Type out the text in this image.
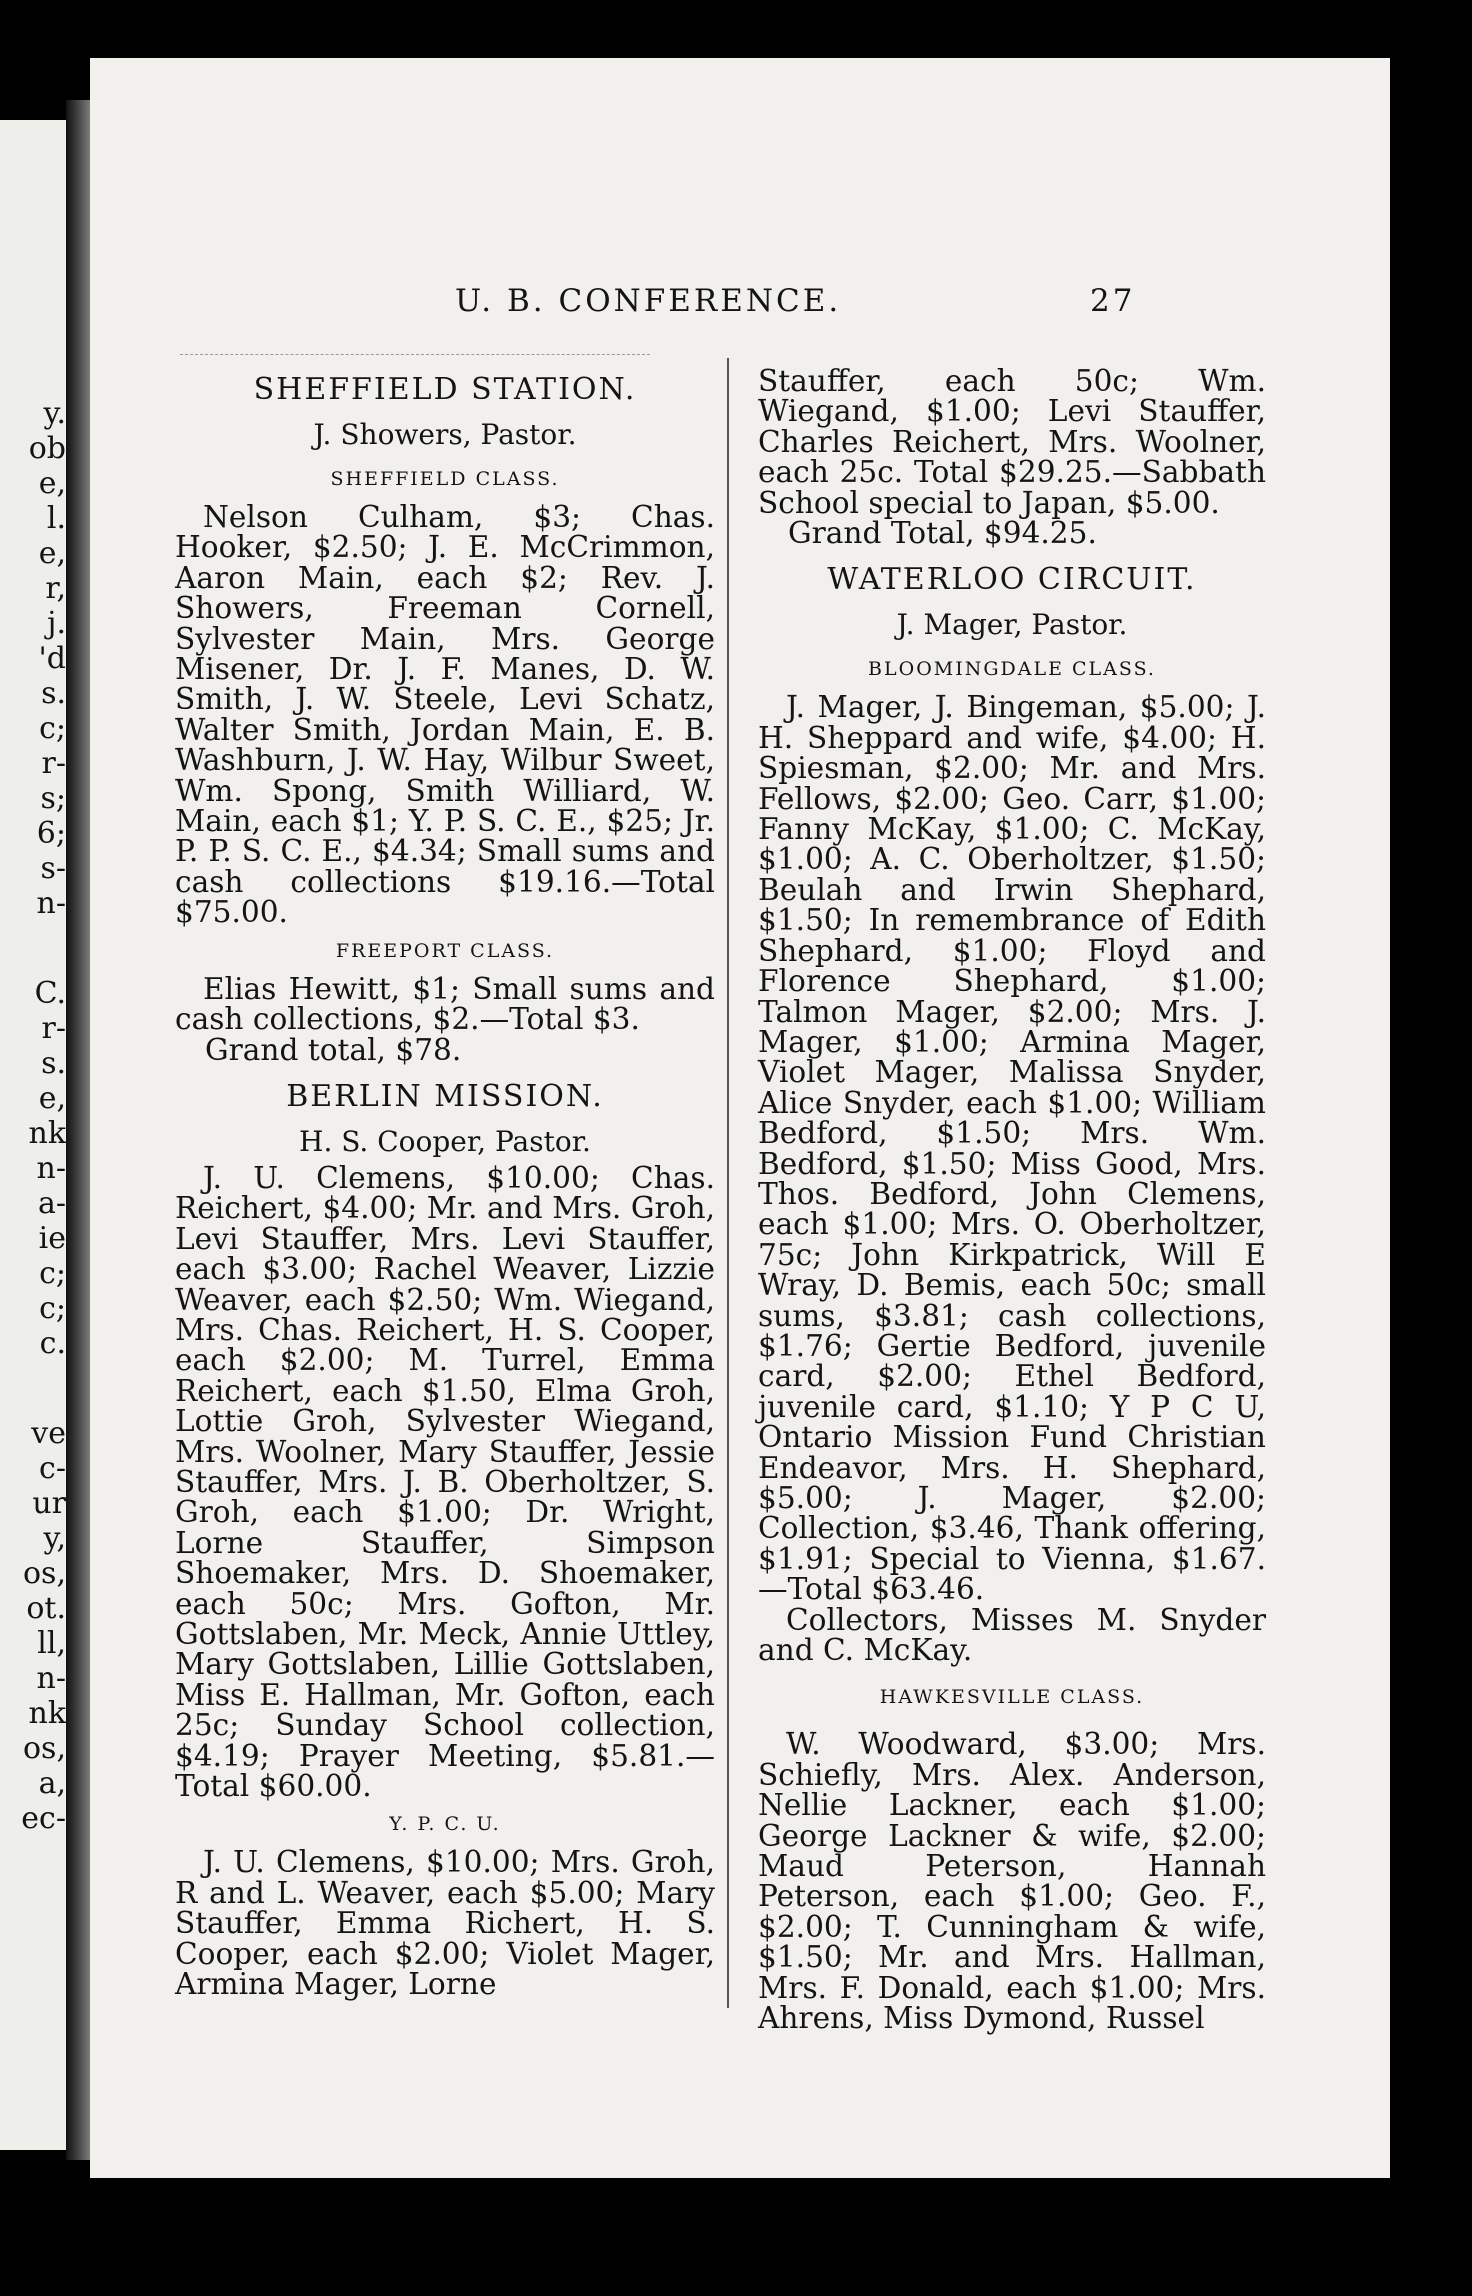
y.
ob
e,
l.
e,
r,
j.
'd
s.
c;
r-
s;
6;
s-
n-
C.
r-
s.
e,
nk
n-
a-
ie
c;
c;
c.
ve
c-
ur
y,
os,
ot.
ll,
n-
nk
os,
a,
ec-
U. B. CONFERENCE.	27
SHEFFIELD STATION.
J. Showers, Pastor.
SHEFFIELD CLASS.

Nelson Culham, $3; Chas. Hooker, $2.50; J. E. McCrimmon, Aaron Main, each $2; Rev. J. Showers, Freeman Cornell, Sylvester Main, Mrs. George Misener, Dr. J. F. Manes, D. W. Smith, J. W. Steele, Levi Schatz, Walter Smith, Jordan Main, E. B. Washburn, J. W. Hay, Wilbur Sweet, Wm. Spong, Smith Williard, W. Main, each $1; Y. P. S. C. E., $25; Jr. P. P. S. C. E., $4.34; Small sums and cash collections $19.16.—Total $75.00.

FREEPORT CLASS.

Elias Hewitt, $1; Small sums and cash collections, $2.—Total $3.

Grand total, $78.

BERLIN MISSION.
H. S. Cooper, Pastor.

J. U. Clemens, $10.00; Chas. Reichert, $4.00; Mr. and Mrs. Groh, Levi Stauffer, Mrs. Levi Stauffer, each $3.00; Rachel Weaver, Lizzie Weaver, each $2.50; Wm. Wiegand, Mrs. Chas. Reichert, H. S. Cooper, each $2.00; M. Turrel, Emma Reichert, each $1.50, Elma Groh, Lottie Groh, Sylvester Wiegand, Mrs. Woolner, Mary Stauffer, Jessie Stauffer, Mrs. J. B. Oberholtzer, S. Groh, each $1.00; Dr. Wright, Lorne Stauffer, Simpson Shoemaker, Mrs. D. Shoemaker, each 50c; Mrs. Gofton, Mr. Gottslaben, Mr. Meck, Annie Uttley, Mary Gottslaben, Lillie Gottslaben, Miss E. Hallman, Mr. Gofton, each 25c; Sunday School collection, $4.19; Prayer Meeting, $5.81.—Total $60.00.

Y. P. C. U.

J. U. Clemens, $10.00; Mrs. Groh, R and L. Weaver, each $5.00; Mary Stauffer, Emma Richert, H. S. Cooper, each $2.00; Violet Mager, Armina Mager, Lorne

Stauffer, each 50c; Wm. Wiegand, $1.00; Levi Stauffer, Charles Reichert, Mrs. Woolner, each 25c. Total $29.25.—Sabbath School special to Japan, $5.00.

Grand Total, $94.25.

WATERLOO CIRCUIT.
J. Mager, Pastor.
BLOOMINGDALE CLASS.

J. Mager, J. Bingeman, $5.00; J. H. Sheppard and wife, $4.00; H. Spiesman, $2.00; Mr. and Mrs. Fellows, $2.00; Geo. Carr, $1.00; Fanny McKay, $1.00; C. McKay, $1.00; A. C. Oberholtzer, $1.50; Beulah and Irwin Shephard, $1.50; In remembrance of Edith Shephard, $1.00; Floyd and Florence Shephard, $1.00; Talmon Mager, $2.00; Mrs. J. Mager, $1.00; Armina Mager, Violet Mager, Malissa Snyder, Alice Snyder, each $1.00; William Bedford, $1.50; Mrs. Wm. Bedford, $1.50; Miss Good, Mrs. Thos. Bedford, John Clemens, each $1.00; Mrs. O. Oberholtzer, 75c; John Kirkpatrick, Will E Wray, D. Bemis, each 50c; small sums, $3.81; cash collections, $1.76; Gertie Bedford, juvenile card, $2.00; Ethel Bedford, juvenile card, $1.10; Y P C U, Ontario Mission Fund Christian Endeavor, Mrs. H. Shephard, $5.00; J. Mager, $2.00; Collection, $3.46, Thank offering, $1.91; Special to Vienna, $1.67.—Total $63.46.

Collectors, Misses M. Snyder and C. McKay.

HAWKESVILLE CLASS.

W. Woodward, $3.00; Mrs. Schiefly, Mrs. Alex. Anderson, Nellie Lackner, each $1.00; George Lackner & wife, $2.00; Maud Peterson, Hannah Peterson, each $1.00; Geo. F., $2.00; T. Cunningham & wife, $1.50; Mr. and Mrs. Hallman, Mrs. F. Donald, each $1.00; Mrs. Ahrens, Miss Dymond, Russel
